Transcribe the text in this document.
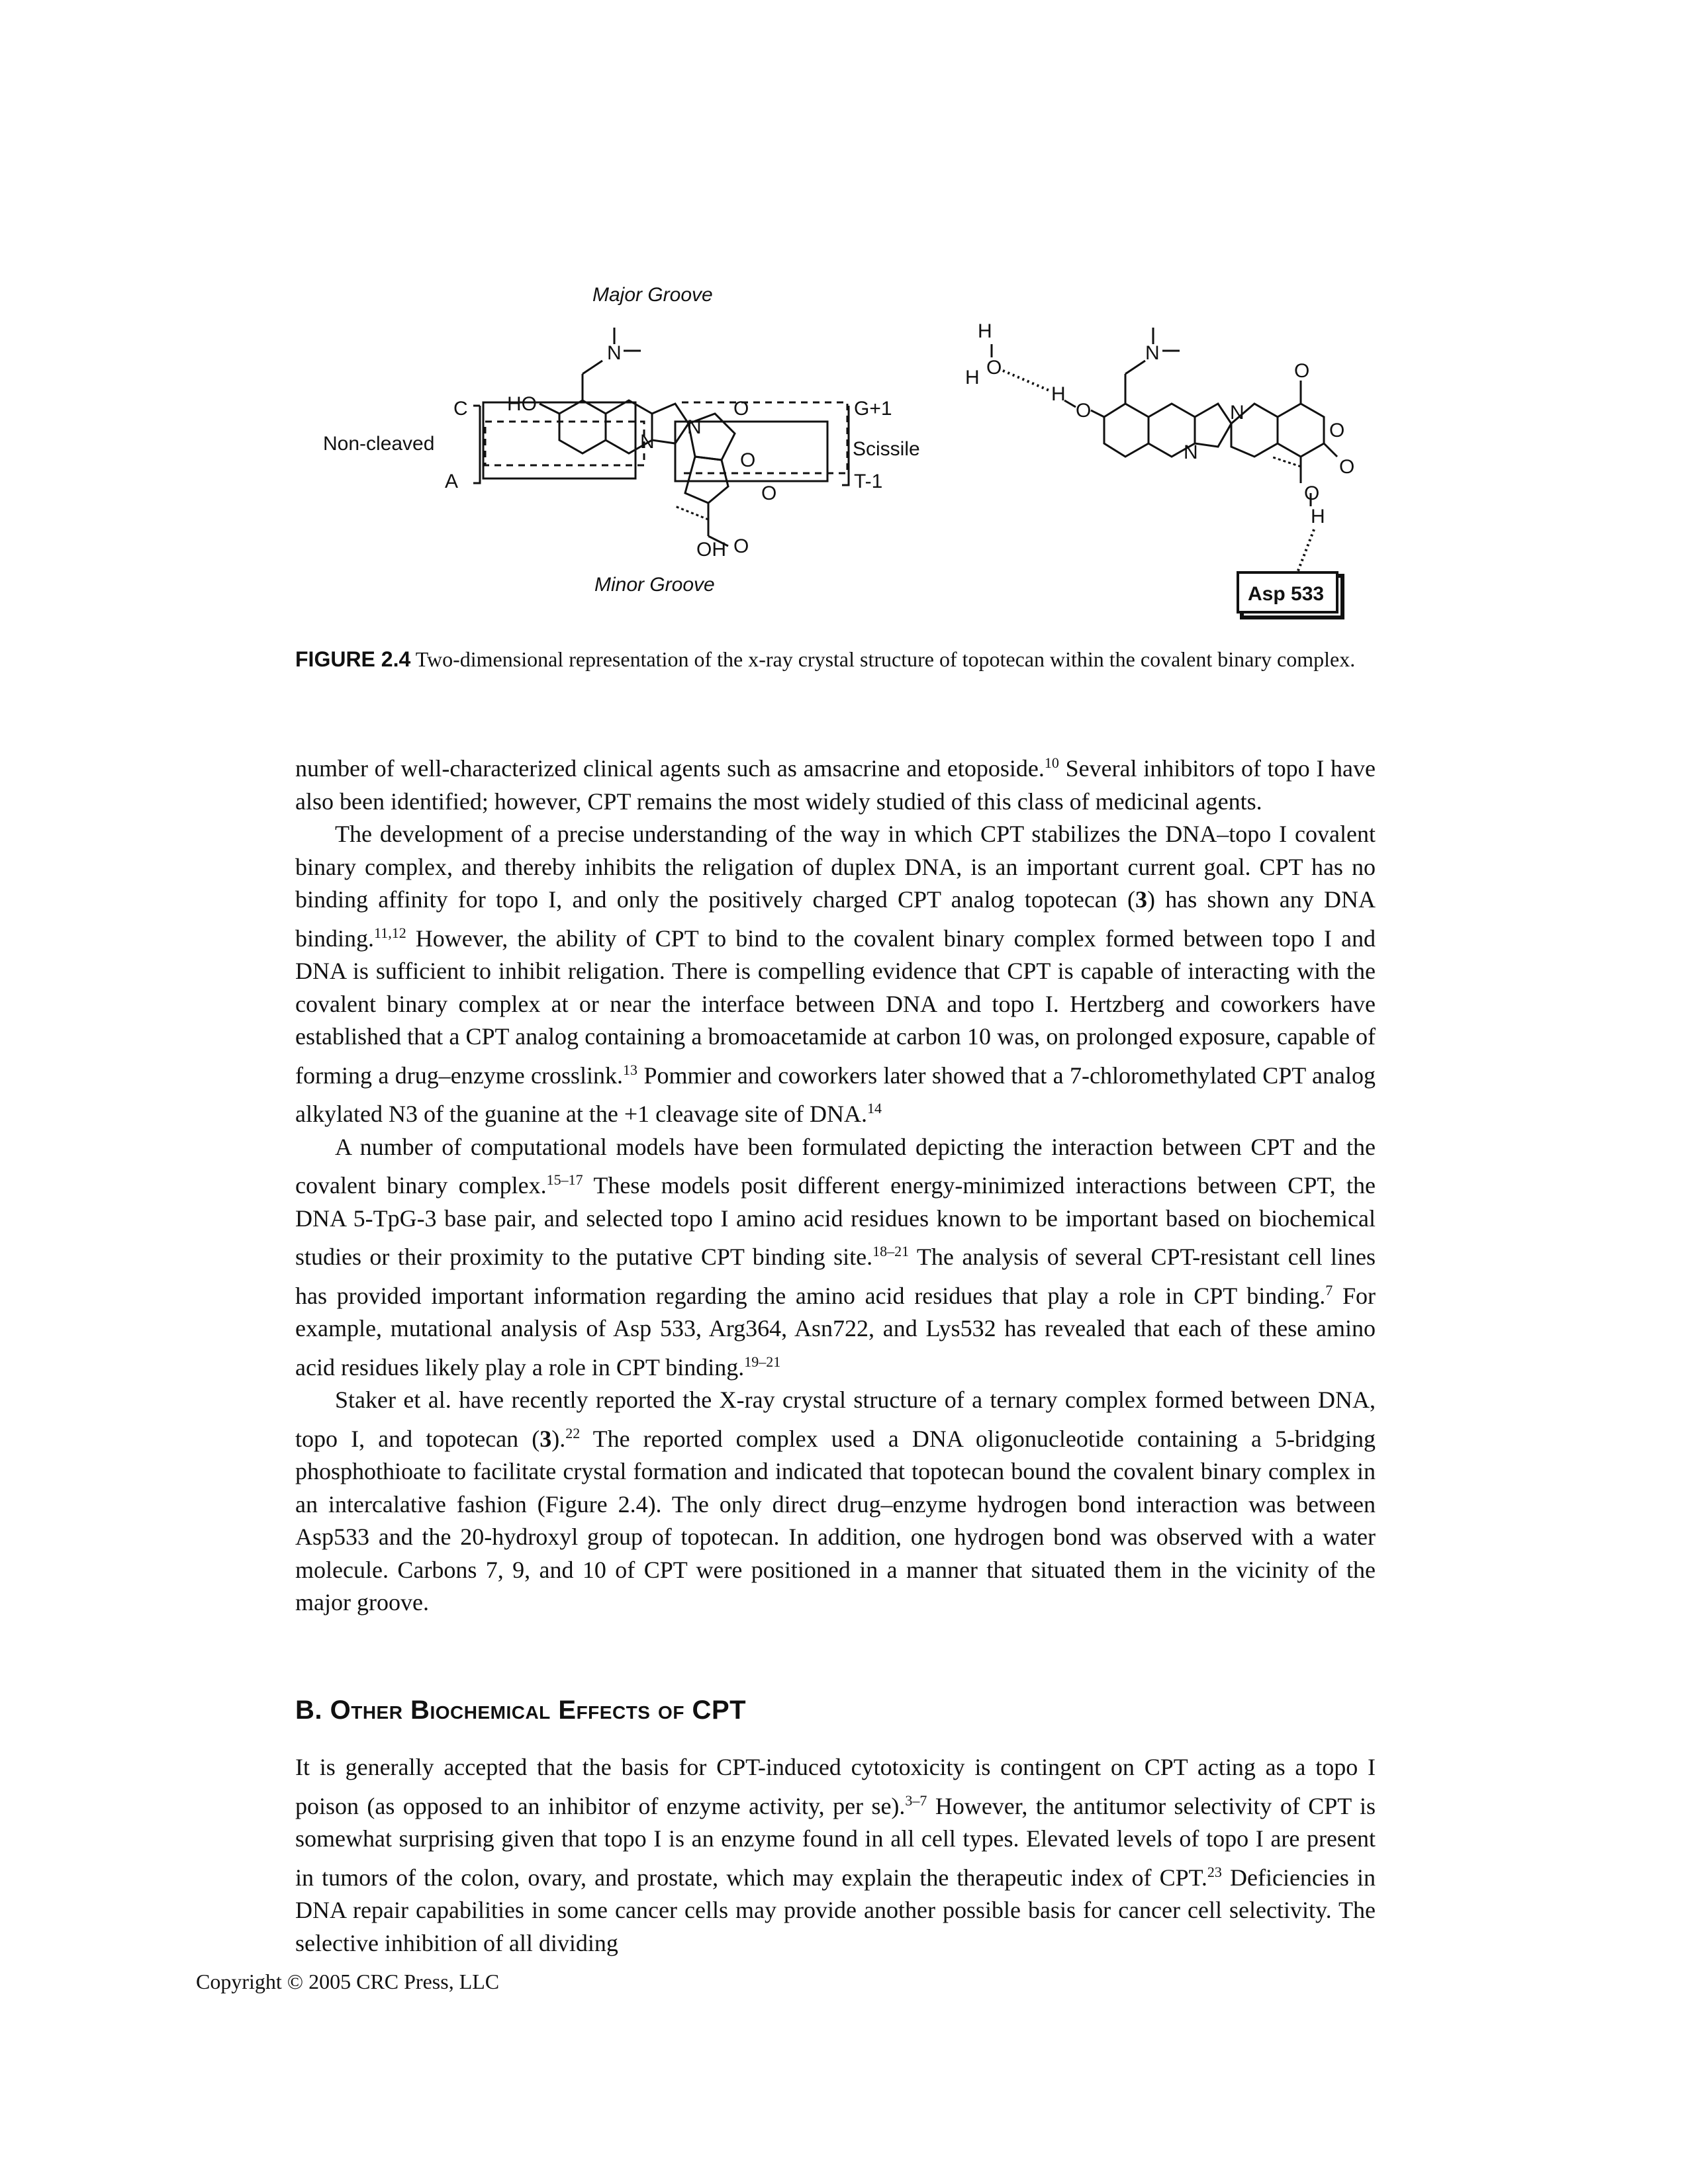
Major Groove
Minor Groove
Non-cleaved	Scissile
C
A
G+1
T-1
N
HO
N
N
O
O
O
OH O
H
O
H
H
O
N
N
N
O
O
O
O
H
Asp 533
FIGURE 2.4 Two-dimensional representation of the x-ray crystal structure of topotecan within the covalent binary complex.

number of well-characterized clinical agents such as amsacrine and etoposide.$^{10}$ Several inhibitors of topo I have also been identified; however, CPT remains the most widely studied of this class of medicinal agents.

The development of a precise understanding of the way in which CPT stabilizes the DNA–topo I covalent binary complex, and thereby inhibits the religation of duplex DNA, is an important current goal. CPT has no binding affinity for topo I, and only the positively charged CPT analog topotecan (3) has shown any DNA binding.$^{11,12}$ However, the ability of CPT to bind to the covalent binary complex formed between topo I and DNA is sufficient to inhibit religation. There is compelling evidence that CPT is capable of interacting with the covalent binary complex at or near the interface between DNA and topo I. Hertzberg and coworkers have established that a CPT analog containing a bromoacetamide at carbon 10 was, on prolonged exposure, capable of forming a drug–enzyme crosslink.$^{13}$ Pommier and coworkers later showed that a 7-chloromethylated CPT analog alkylated N3 of the guanine at the +1 cleavage site of DNA.$^{14}$

A number of computational models have been formulated depicting the interaction between CPT and the covalent binary complex.$^{15-17}$ These models posit different energy-minimized interactions between CPT, the DNA 5-TpG-3 base pair, and selected topo I amino acid residues known to be important based on biochemical studies or their proximity to the putative CPT binding site.$^{18-21}$ The analysis of several CPT-resistant cell lines has provided important information regarding the amino acid residues that play a role in CPT binding.$^7$ For example, mutational analysis of Asp 533, Arg364, Asn722, and Lys532 has revealed that each of these amino acid residues likely play a role in CPT binding.$^{19-21}$

Staker et al. have recently reported the X-ray crystal structure of a ternary complex formed between DNA, topo I, and topotecan (3).$^{22}$ The reported complex used a DNA oligonucleotide containing a 5-bridging phosphothioate to facilitate crystal formation and indicated that topotecan bound the covalent binary complex in an intercalative fashion (Figure 2.4). The only direct drug–enzyme hydrogen bond interaction was between Asp533 and the 20-hydroxyl group of topotecan. In addition, one hydrogen bond was observed with a water molecule. Carbons 7, 9, and 10 of CPT were positioned in a manner that situated them in the vicinity of the major groove.

B. Other Biochemical Effects of CPT

It is generally accepted that the basis for CPT-induced cytotoxicity is contingent on CPT acting as a topo I poison (as opposed to an inhibitor of enzyme activity, per se).$^{3-7}$ However, the antitumor selectivity of CPT is somewhat surprising given that topo I is an enzyme found in all cell types. Elevated levels of topo I are present in tumors of the colon, ovary, and prostate, which may explain the therapeutic index of CPT.$^{23}$ Deficiencies in DNA repair capabilities in some cancer cells may provide another possible basis for cancer cell selectivity. The selective inhibition of all dividing

Copyright © 2005 CRC Press, LLC
